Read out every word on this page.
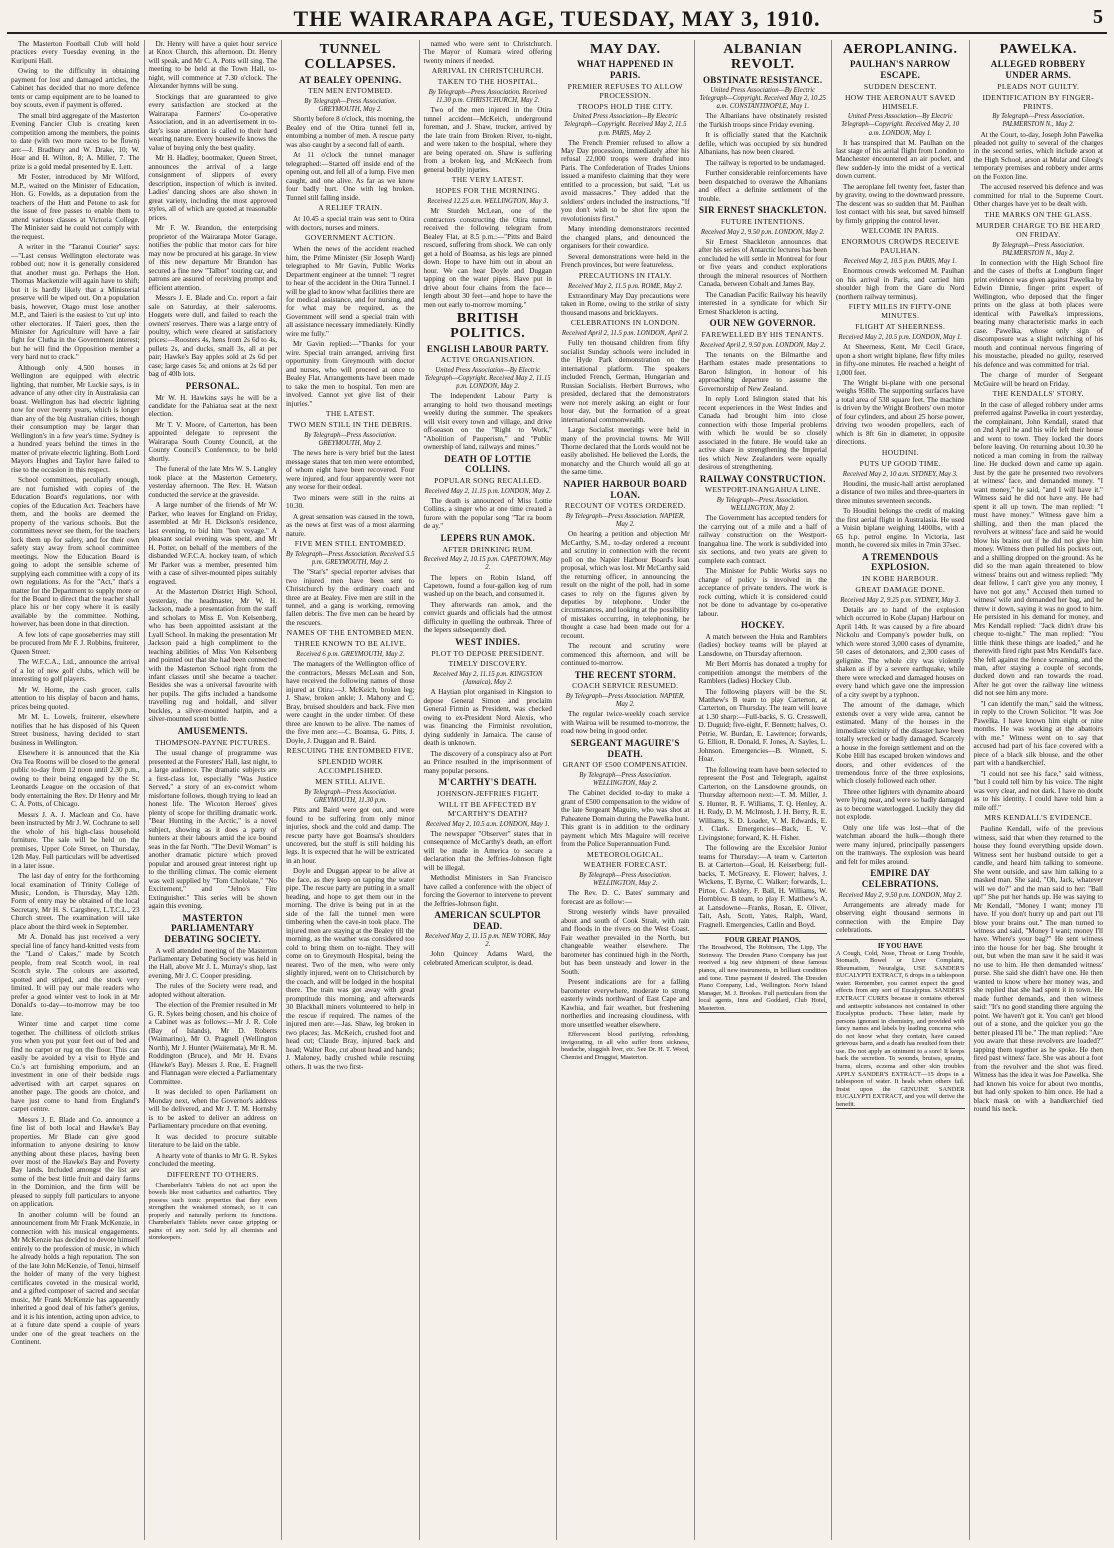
THE WAIRARAPA AGE, TUESDAY, MAY 3, 1910.	5

The Masterton Football Club will hold practices every Tuesday evening in the Kuripuni Hall.

Owing to the difficulty in obtaining payment for lost and damaged articles, the Cabinet has decided that no more defence tents or camp equipment are to be loaned to boy scouts, even if payment is offered.

The small bird aggregate of the Masterton Evening Fancier Club is creating keen competition among the members, the points to date (with two more races to be flown) are:—J. Bradbury and W. Drake, 10; W. Hoar and H. Wilton, 8; A. Miller, 7. The prize is a gold medal presented by E. Lett.

Mr Foster, introduced by Mr Wilford, M.P., waited on the Minister of Education, Hon. G. Fowlds, as a deputation from the teachers of the Hutt and Petone to ask for the issue of free passes to enable them to attend various classes at Victoria College. The Minister said he could not comply with the request.

A writer in the "Taranui Courier" says:—"Last census Wellington electorate was robbed out; now it is generally considered that another must go. Perhaps the Hon. Thomas Mackenzie will again have to shift; but it is hardly likely that a Ministerial preserve will be wiped out. On a population basis, however, Otago must lose another M.P., and Taieri is the easiest to 'cut up' into other electorates. If Taieri goes, then the Minister for Agriculture will have a fair fight for Clutha in the Government interest; but he will find the Opposition member a very hard nut to crack."

Although only 4,500 houses in Wellington are equipped with electric lighting, that number, Mr Luckie says, is in advance of any other city in Australasia can boast. Wellington has had electric lighting now for over twenty years, which is longer than any of the big Australian cities, though their consumption may be larger than Wellington's in a few year's time. Sydney is a hundred years behind the times in the matter of private electric lighting. Both Lord Mayors Hughes and Taylor have failed to rise to the occasion in this respect.

School committees, peculiarly enough, are not furnished with copies of the Education Board's regulations, nor with copies of the Education Act. Teachers have them, and the books are deemed the property of the various schools. But the committees never see them, for the teachers lock them up for safety, and for their own safety stay away from school committee meetings. Now the Education Board is going to adopt the sensible scheme of supplying each committee with a copy of its own regulations. As for the "Act," that's a matter for the Department to supply more or for the Board to direct that the teacher shall place his or her copy where it is easily available by the committee. Nothing, however, has been done in that direction.

A few lots of cape gooseberries may still be procured from Mr F. J. Robbins, fruiterer, Queen Street.

The W.F.C.A., Ltd., announce the arrival of a lot of new golf clubs, which will be interesting to golf players.

Mr W. Horne, the cash grocer, calls attention to his display of bacon and hams, prices being quoted.

Mr M. L. Lowels, fruiterer, elsewhere notifies that he has disposed of his Queen Street business, having decided to start business in Wellington.

Elsewhere it is announced that the Kia Ora Tea Rooms will be closed to the general public to-day from 12 noon until 2.30 p.m., owing to their being engaged by the St. Leonards League on the occasion of that body entertaining the Rev. Dr Henry and Mr C. A. Potts, of Chicago.

Messrs J. A. J. Maclean and Co. have been instructed by Mr J. W. Cochrane to sell the whole of his high-class household furniture. The sale will be held on the premises, Upper Cole Street, on Thursday, 12th May. Full particulars will be advertised in a later issue.

The last day of entry for the forthcoming local examination of Trinity College of Music, London, is Thursday, May 12th. Form of entry may be obtained of the local Secretary, Mr H. S. Cargsbrey, L.T.C.L., 23 Church street. The examination will take place about the third week in September.

Mr A. Donald has just received a very special line of fancy hand-knitted vests from the "Land o' Cakes," made by Scotch people, from real Scotch wool, in real Scotch style. The colours are assorted, spotted and striped, and the stock very limited. It will pay our male readers who prefer a good winter vest to look in at Mr Donald's to-day—to-morrow may be too late.

Winter time and carpet time come together. The chilliness of oilcloth strikes you when you put your feet out of bed and find no carpet or rug on the floor. This can easily be avoided by a visit to Hyde and Co.'s art furnishing emporium, and an investment in one of their bedside rugs advertised with art carpet squares on another page. The goods are choice, and have just come to hand from England's carpet centre.

Messrs J. E. Blade and Co. announce a fine list of both local and Hawke's Bay properties. Mr Blade can give good information to anyone desiring to know anything about these places, having been over most of the Hawke's Bay and Poverty Bay lands. Included amongst the list are some of the best little fruit and dairy farms in the Dominion, and the firm will be pleased to supply full particulars to anyone on application.

In another column will be found an announcement from Mr Frank McKenzie, in connection with his musical engagements. Mr McKenzie has decided to devote himself entirely to the profession of music, in which he already holds a high reputation. The son of the late John McKenzie, of Tenui, himself the holder of many of the very highest certificates coveted in the musical world, and a gifted composer of sacred and secular music, Mr Frank McKenzie has apparently inherited a good deal of his father's genius, and it is his intention, acting upon advice, to at a future date spend a couple of years under one of the great teachers on the Continent.

Dr. Henry will have a quiet hour service at Knox Church, this afternoon. Dr. Henry will speak, and Mr C. A. Potts will sing. The meeting to be held at the Town Hall, to-night, will commence at 7.30 o'clock. The Alexander hymns will be sung.

Stockings that are guaranteed to give every satisfaction are stocked at the Wairarapa Farmers' Co-operative Association, and in an advertisement in to-day's issue attention is called to their hard wearing nature. Every housewife knows the value of buying only the best quality.

Mr H. Hadley, bootmaker, Queen Street, announces the arrival of a large consignment of slippers of every description, inspection of which is invited. Ladies' dancing shoes are also shown in great variety, including the most approved styles, all of which are quoted at reasonable prices.

Mr F. W. Brandon, the enterprising proprietor of the Wairarapa Motor Garage, notifies the public that motor cars for hire may now be procured at his garage. In view of this new departure Mr Brandon has secured a fine new "Talbot" touring car, and patrons are assured of receiving prompt and efficient attention.

Messrs J. E. Blade and Co. report a fair sale on Saturday, at their salerooms. Hoggets were dull, and failed to reach the owners' reserves. There was a large entry of poultry, which were cleared at satisfactory prices:—Roosters 4s, hens from 2s 6d to 4s, pullets 2s, and ducks, small 3s, all at per pair; Hawke's Bay apples sold at 2s 6d per case; large cases 5s; and onions at 2s 6d per bag of 40lb lots.

PERSONAL.

Mr W. H. Hawkins says he will be a candidate for the Pahiatua seat at the next election.

Mr T. V. Moore, of Carterton, has been appointed delegate to represent the Wairarapa South County Council, at the County Council's Conference, to be held shortly.

The funeral of the late Mrs W. S. Langley took place at the Masterton Cemetery, yesterday afternoon. The Rev. H. Watson conducted the service at the graveside.

A large number of the friends of Mr W. Parker, who leaves for England on Friday, assembled at Mr H. Dickson's residence, last evening, to bid him "bon voyage." A pleasant social evening was spent, and Mr H. Potter, on behalf of the members of the disbanded W.F.C.A. hockey team, of which Mr Parker was a member, presented him with a case of silver-mounted pipes suitably engraved.

At the Masterton District High School, yesterday, the headmaster, Mr W. H. Jackson, made a presentation from the staff and scholars to Miss E. Von Kelsenberg, who has been appointed assistant at the Lyall School. In making the presentation Mr Jackson paid a high compliment to the teaching abilities of Miss Von Kelsenberg and pointed out that she had been connected with the Masterton School right from the infant classes until she became a teacher. Besides she was a universal favourite with her pupils. The gifts included a handsome travelling rug and holdall, and silver buckles, a silver-mounted hatpin, and a silver-mounted scent bottle.

AMUSEMENTS.
THOMPSON-PAYNE PICTURES.

The usual change of programme was presented at the Foresters' Hall, last night, to a large audience. The dramatic subjects are a first-class lot, especially "Was Justice Served," a story of an ex-convict whom misfortune follows, though trying to lead an honest life. The Wicoton Heroes' gives plenty of scope for thrilling dramatic work. "Bear Hunting in the Arctic," is a novel subject, showing as it does a party of hunters at their labours amid the ice bound seas in the far North. "The Devil Woman" is another dramatic picture which proved popular and aroused great interest right up to the thrilling climax. The comic element was well supplied by "Tom Chololate," "No Excitement," and "Jelno's Fire Extinguisher." This series will be shown again this evening.

MASTERTON PARLIAMENTARY DEBATING SOCIETY.

A well attended meeting of the Masterton Parliamentary Debating Society was held in the Hall, above Mr J. L. Murray's shop, last evening, Mr J. C. Cooper presiding.

The rules of the Society were read, and adopted without alteration.

The election of the Premier resulted in Mr G. R. Sykes being chosen, and his choice of a Cabinet was as follows:—Mr J. R. Cole (Bay of Islands), Mr D. Roberts (Waimarino), Mr O. Pragnell (Wellington North), Mr J. Hunter (Waitemata), Mr R. M. Roddington (Bruce), and Mr H. Evans (Hawke's Bay). Messrs J. Rue, E. Fragnell and Flannagan were elected a Parliamentary Committee.

It was decided to open Parliament on Monday next, when the Governor's address will be delivered, and Mr J. T. M. Hornsby is to be asked to deliver an address on Parliamentary procedure on that evening.

It was decided to procure suitable literature to be laid on the table.

A hearty vote of thanks to Mr G. R. Sykes concluded the meeting.

DIFFERENT TO OTHERS.

Chamberlain's Tablets do not act upon the bowels like most cathartics and cathartics. They possess such tonic properties that they even strengthen the weakened stomach, so it can properly and naturally perform its functions. Chamberlain's Tablets never cause gripping or pains of any sort. Sold by all chemists and storekeepers.

TUNNEL COLLAPSES.
AT BEALEY OPENING.
TEN MEN ENTOMBED.
By Telegraph—Press Association. GREYMOUTH, May 2.

Shortly before 8 o'clock, this morning, the Bealey end of the Otira tunnel fell in, entombing a number of men. A rescue party was also caught by a second fall of earth.

At 11 o'clock the tunnel manager telegraphed:—Started off inside end of the opening out, and fell all of a lump. Five men caught, and one alive. As far as we know four badly hurt. One with leg broken. Tunnel still falling inside.

A RELIEF TRAIN.

At 10.45 a special train was sent to Otira with doctors, nurses and miners.

GOVERNMENT ACTION.

When the news of the accident reached him, the Prime Minister (Sir Joseph Ward) telegraphed to Mr Gavin, Public Works Department engineer at the tunnel: "I regret to hear of the accident in the Otira Tunnel. I will be glad to know what facilities there are for medical assistance, and for nursing, and for what may be required, as the Government will send a special train with all assistance necessary immediately. Kindly wire me fully."

Mr Gavin replied:—"Thanks for your wire. Special train arranged, arriving first opportunity from Greymouth with doctor and nurses, who will proceed at once to Bealey Flat. Arrangements have been made to take the men to hospital. Ten men are involved. Cannot yet give list of their injuries."

THE LATEST.
TWO MEN STILL IN THE DEBRIS.
By Telegraph—Press Association. GREYMOUTH, May 2.

The news here is very brief but the latest message states that ten men were entombed, of whom eight have been recovered. Four were injured, and four apparently were not any worse for their ordeal.

Two miners were still in the ruins at 10.30.

A great sensation was caused in the town, as the news at first was of a most alarming nature.

FIVE MEN STILL ENTOMBED.
By Telegraph—Press Association. Received 5.5 p.m. GREYMOUTH, May 2.

The "Star's" special reporter advises that two injured men have been sent to Christchurch by the ordinary coach and three are at Bealey. Five men are still in the tunnel, and a gang is working, removing fallen debris. The five men can be heard by the rescuers.

NAMES OF THE ENTOMBED MEN.
THREE KNOWN TO BE ALIVE.
Received 6 p.m. GREYMOUTH, May 2.

The managers of the Wellington office of the contractors, Messrs McLean and Son, have received the following names of those injured at Otira:—J. McKeich, broken leg; J. Shaw, broken ankle; J. Mahony and C. Bray, bruised shoulders and back. Five men were caught in the under timber. Of these three are known to be alive. The names of the five men are:—C. Boamsa, G. Pitts, J. Doyle, J. Duggan and R. Baird.

RESCUING THE ENTOMBED FIVE.
SPLENDID WORK ACCOMPLISHED.
MEN STILL ALIVE.
By Telegraph—Press Association. GREYMOUTH, 11.30 p.m.

Pitts and Baird were got out, and were found to be suffering from only minor injuries, shock and the cold and damp. The rescue party have got Boamsa's shoulders uncovered, but the stuff is still holding his legs. It is expected that he will be extricated in an hour.

Doyle and Duggan appear to be alive at the face, as they keep on tapping the water pipe. The rescue party are putting in a small heading, and hope to get them out in the morning. The drive is being put in at the side of the fall the tunnel men were timbering when the cave-in took place. The injured men are staying at the Bealey till the morning, as the weather was considered too cold to bring them on to-night. They will come on to Greymouth Hospital, being the nearest. Two of the men, who were only slightly injured, went on to Christchurch by the coach, and will be lodged in the hospital there. The train was got away with great promptitude this morning, and afterwards 30 Blackball miners volunteered to help in the rescue if required. The names of the injured men are:—Jas. Shaw, leg broken in two places; Jas. McKeich, crushed foot and head cut; Claude Bray, injured back and head; Walter Roe, cut about head and hands; J. Maloney, badly crushed while rescuing others. It was the two first-

named who were sent to Christchurch. The Mayor of Kumara wired offering twenty miners if needed.

ARRIVAL IN CHRISTCHURCH.
TAKEN TO THE HOSPITAL.
By Telegraph—Press Association. Received 11.30 p.m. CHRISTCHURCH, May 2.

Two of the men injured in the Otira tunnel accident—McKeich, underground foreman, and J. Shaw, trucker, arrived by the late train from Broken River, to-night, and were taken to the hospital, where they are being operated on. Shaw is suffering from a broken leg, and McKeech from general bodily injuries.

THE VERY LATEST.
HOPES FOR THE MORNING.
Received 12.25 a.m. WELLINGTON, May 3.

Mr Sturdeh McLean, one of the contractors constructing the Otira tunnel, received the following telegram from Bealey Flat, at 8.5 p.m.:—"Pitts and Baird rescued, suffering from shock. We can only get a hold of Boamsa, as his legs are pinned down. Hope to have him out in about an hour. We can hear Doyle and Duggan tapping on the water pipes. Have put in drive about four chains from the face—length about 30 feet—and hope to have the men out early to-morrow morning."

BRITISH POLITICS.
ENGLISH LABOUR PARTY.
ACTIVE ORGANISATION.
United Press Association—By Electric Telegraph—Copyright. Received May 2, 11.15 p.m. LONDON, May 2.

The Independent Labour Party is arranging to hold two thousand meetings weekly during the summer. The speakers will visit every town and village, and drive off-season on the "Right to Work," "Abolition of Pauperism," and "Public ownership of land, railways and mines."

DEATH OF LOTTIE COLLINS.
POPULAR SONG RECALLED.
Received May 2, 11.15 p.m. LONDON, May 2.

The death is announced of Miss Lottie Collins, a singer who at one time created a furore with the popular song "Tar ra boom de ay."

LEPERS RUN AMOK.
AFTER DRINKING RUM.
Received May 2, 10.15 p.m. CAPETOWN, May 2.

The lepers on Robin Island, off Capetown, found a four-gallon keg of rum washed up on the beach, and consumed it.

They afterwards ran amok, and the convict guards and officials had the utmost difficulty in quelling the outbreak. Three of the lepers subsequently died.

WEST INDIES.
PLOT TO DEPOSE PRESIDENT.
TIMELY DISCOVERY.
Received May 2, 11.15 p.m. KINGSTON (Jamaica), May 2.

A Haytian plot organised in Kingston to depose General Simon and proclaim General Firmin as President, was checked owing to ex-President Nord Alexis, who was financing the Firminist revolution, dying suddenly in Jamaica. The cause of death is unknown.

The discovery of a conspiracy also at Port au Prince resulted in the imprisonment of many popular persons.

M'CARTHY'S DEATH.
JOHNSON-JEFFRIES FIGHT.
WILL IT BE AFFECTED BY M'CARTHY'S DEATH?
Received May 2, 10.5 a.m. LONDON, May 1.

The newspaper "Observer" states that in consequence of McCarthy's death, an effort will be made in America to secure a declaration that the Jeffries-Johnson fight will be illegal.

Methodist Ministers in San Francisco have called a conference with the object of forcing the Governor to intervene to prevent the Jeffries-Johnson fight.

AMERICAN SCULPTOR DEAD.
Received May 2, 11.15 p.m. NEW YORK, May 2.

John Quincey Adams Ward, the celebrated American sculptor, is dead.

MAY DAY.
WHAT HAPPENED IN PARIS.
PREMIER REFUSES TO ALLOW PROCESSION.
TROOPS HOLD THE CITY.
United Press Association—By Electric Telegraph—Copyright. Received May 2, 11.5 p.m. PARIS, May 2.

The French Premier refused to allow a May Day procession, immediately after his refusal 22,000 troops were drafted into Paris. The Confederation of Trades Unions issued a manifesto claiming that they were entitled to a procession, but said, "Let us avoid massacres." They added that the soldiers' orders included the instructions, "If you don't wish to be shot fire upon the revolutionists first."

Many intending demonstrators recented the changed plans, and denounced the organisers for their cowardice.

Several demonstrations were held in the French provinces, but were featureless.

PRECAUTIONS IN ITALY.
Received May 2, 11.5 p.m. ROME, May 2.

Extraordinary May Day precautions were taken in Rome, owing to the strike of sixty thousand masons and bricklayers.

CELEBRATIONS IN LONDON.
Received April 2, 11.5 p.m. LONDON, April 2.

Fully ten thousand children from fifty socialist Sunday schools were included in the Hyde Park demonstration on the international platform. The speakers included French, German, Hungarian and Russian Socialists. Herbert Burrows, who presided, declared that the demonstrators were not merely asking an eight or four hour day, but the formation of a great international commonwealth.

Large Socialist meetings were held in many of the provincial towns. Mr Will Thorne declared that the Lords would not be easily abolished. He believed the Lords, the monarchy and the Church would all go at the same time.

NAPIER HARBOUR BOARD LOAN.
RECOUNT OF VOTES ORDERED.
By Telegraph—Press Association. NAPIER, May 2.

On hearing a petition and objection Mr McCarthy, S.M., to-day ordered a recount and scrutiny in connection with the recent poll on the Napier Harbour Board's loan proposal, which was lost. Mr McCarthy said the returning officer, in announcing the result on the night of the poll, had in some cases to rely on the figures given by deputies by telephone. Under the circumstances, and looking at the possibility of mistakes occurring, in telephoning, he thought a case had been made out for a recount.

The recount and scrutiny were commenced this afternoon, and will be continued to-morrow.

THE RECENT STORM.
COACH SERVICE RESUMED.
By Telegraph—Press Association. NAPIER, May 2.

The regular twice-weekly coach service with Wairoa will be resumed to-morrow, the road now being in good order.

SERGEANT MAGUIRE'S DEATH.
GRANT OF £500 COMPENSATION.
By Telegraph—Press Association. WELLINGTON, May 2.

The Cabinet decided to-day to make a grant of £500 compensation to the widow of the late Sergeant Maguire, who was shot at Paheatene Domain during the Pawelka hunt. This grant is in addition to the ordinary payment which Mrs Maguire will receive from the Police Superannuation Fund.

METEOROLOGICAL.
WEATHER FORECAST.
By Telegraph—Press Association. WELLINGTON, May 2.

The Rev. D. C. Bates' summary and forecast are as follow:—

Strong westerly winds have prevailed about and south of Cook Strait, with rain and floods in the rivers on the West Coast. Fair weather prevailed in the North, but changeable weather elsewhere. The barometer has continued high in the North, but has been unsteady and lower in the South.

Present indications are for a falling barometer everywhere, moderate to strong easterly winds northward of East Cape and Kawhia, and fair weather, but freshening northerlies and increasing cloudiness, with more unsettled weather elsewhere.

Effervescent blood purifying, refreshing, invigorating, in all who suffer from sickness, headache, sluggish liver, etc. See Dr. H. T. Wood, Chemist and Druggist, Masterton.

ALBANIAN REVOLT.
OBSTINATE RESISTANCE.
United Press Association—By Electric Telegraph—Copyright. Received May 2, 10.25 a.m. CONSTANTINOPLE, May 1.

The Albanians have obstinately resisted the Turkish troops since Friday evening.

It is officially stated that the Katchnik defile, which was occupied by six hundred Albanians, has now been cleared.

The railway is reported to be undamaged.

Further considerable reinforcements have been despatched to overawe the Albanians and effect a definite settlement of the trouble.

SIR ERNEST SHACKLETON.
FUTURE INTENTIONS.
Received May 2, 9.50 p.m. LONDON, May 2.

Sir Ernest Shackleton announces that after his series of Antarctic lectures has been concluded he will settle in Montreal for four or five years and conduct explorations through the mineral resources of Northern Canada, between Cobalt and James Bay.

The Canadian Pacific Railway his heavily interested in a syndicate for which Sir Ernest Shackleton is acting.

OUR NEW GOVERNOR.
FAREWELLED BY HIS TENANTS.
Received April 2, 9.50 p.m. LONDON, May 2.

The tenants on the Bilmarthe and Hartham estates made presentations to Baron Islington, in honour of his approaching departure to assume the Governorship of New Zealand.

In reply Lord Islington stated that his recent experiences in the West Indies and Canada had brought him into close connection with those Imperial problems with which he would be so closely associated in the future. He would take an active share in strengthening the Imperial ties which New Zealanders were equally desirous of strengthening.

RAILWAY CONSTRUCTION.
WESTPORT-INANGAHUA LINE.
By Telegraph—Press Association. WELLINGTON, May 2.

The Government has accepted tenders for the carrying out of a mile and a half of railway construction on the Westport-Inangahua line. The work is subdivided into six sections, and two years are given to complete each contract.

The Minister for Public Works says no change of policy is involved in the acceptance of private tenders. The work is rock cutting, which it is considered could not be done to advantage by co-operative labour.

HOCKEY.

A match between the Huia and Ramblers (ladies) hockey teams will be played at Lansdowne, on Thursday afternoon.

Mr Bert Morris has donated a trophy for competition amongst the members of the Ramblers (ladies) Hockey Club.

The following players will be the St. Matthew's B team to play Carterton, at Carterton, on Thursday. The team will leave at 1.30 sharp:—Full-backs, S. G. Cresswell, D. Duguid; five-eight, F. Bennett; halves, O. Petrie, W. Burdan, E. Lawrence; forwards, G. Elliott, R. Donald, F. Jones, A. Sayles, L. Johnson. Emergencies—B. Winnett, S. Hoar.

The following team have been selected to represent the Post and Telegraph, against Carterton, on the Lansdowne grounds, on Thursday afternoon next:—T. M. Miller, J. S. Hunter, R. F. Williams, T. Q. Henley, A. H. Rudy, D. M. McIntosh, J. H. Berry, R. E. Williams, S. D. Loader, V. M. Edwards, E. J. Clark. Emergencies—Back, E. V. Livingstone; forward, K. H. Fisher.

The following are the Excelsior Junior teams for Thursday:—A team v. Carterton B. at Carterton—Goal, H. Keiserberg; full-backs, T. McGreavy, E. Flower; halves, J. Wickens, T. Byrne, C. Walker; forwards, L. Pirtoe, C. Ashley, F. Ball, H. Williams, W. Hornblow. B team, to play F. Matthew's A, at Lansdowne—Franks, Rosan, E. Oliver, Tait, Ash, Scott, Yates, Ralph, Ward, Fragnell. Emergencies, Catlin and Boyd.

FOUR GREAT PIANOS.
The Broadwood, The Robinson, The Lipp, The Steinway. The Dresden Piano Company has just received a big new shipment of these famous pianos, all new instruments, in brilliant condition and tone. Time payment if desired. The Dresden Piano Company, Ltd., Wellington. Nor'n Island Manager, M. J. Brookes. Full particulars from the local agents, Inns and Goddard, Club Hotel, Masterton.
AEROPLANING.
PAULHAN'S NARROW ESCAPE.
SUDDEN DESCENT.
HOW THE AERONAUT SAVED HIMSELF.
United Press Association—By Electric Telegraph—Copyright. Received May 2, 10 a.m. LONDON, May 1.

It has transpired that M. Paulhan on the last stage of his aerial flight from London to Manchester encountered an air pocket, and flew sudden-ly into the midst of a vertical down current.

The aeroplane fell twenty feet, faster than by gravity, owing to the downward pressure. The descent was so sudden that M. Paulhan lost contact with his seat, but saved himself by firmly gripping the control lever.

WELCOME IN PARIS.
ENORMOUS CROWDS RECEIVE PAULHAN.
Received May 2, 10.5 p.m. PARIS, May 1.

Enormous crowds welcomed M. Paulhan on his arrival in Paris, and carried him shoulder high from the Gare du Nord (northern railway terminus).

FIFTY MILES IN FIFTY-ONE MINUTES.
FLIGHT AT SHEERNESS.
Received May 2, 10.5 p.m. LONDON, May 1.

At Sheerness, Kent, Mr Cecil Grace, upon a short wright biplane, flew fifty miles in fifty-one minutes. He reached a height of 1,000 feet.

The Wright bi-plane with one personal weighs 958lb. The supporting surfaces have a total area of 538 square feet. The machine is driven by the Wright Brothers' own motor of four cylinders, and about 25 horse power, driving two wooden propellers, each of which is 8ft 6in in diameter, in opposite directions.

HOUDINI.
PUTS UP GOOD TIME.
Received May 2, 10 a.m. SYDNEY, May 3.

Houdini, the music-hall artist aeroplaned a distance of two miles and three-quarters in three minutes seventeen seconds.

To Houdini belongs the credit of making the first aerial flight in Australasia. He used a Voisin biplane weighing 1400lbs, with a 65 h.p. petrol engine. In Victoria, last month, he covered six miles in 7min 37sec.

A TREMENDOUS EXPLOSION.
IN KOBE HARBOUR.
GREAT DAMAGE DONE.
Received May 2, 9.25 p.m. SYDNEY, May 3.

Details are to hand of the explosion which occurred in Kobe (Japan) Harbour on April 14th. It was caused by a fire aboard Nickolu and Company's powder hulk, on which were stored 3,000 cases of dynamite, 50 cases of detonators, and 2,300 cases of gelignite. The whole city was violently shaken as if by a severe earthquake, while there were wrecked and damaged houses on every hand which gave one the impression of a city swept by a typhoon.

The amount of the damage, which extends over a very wide area, cannot be estimated. Many of the houses in the immediate vicinity of the disaster have been totally wrecked or badly damaged. Scarcely a house in the foreign settlement and on the Kobe Hill has escaped broken windows and doors, and other evidences of the tremendous force of the three explosions, which closely followed each other.

Three other lighters with dynamite aboard were lying near, and were so badly damaged as to become waterlogged. Luckily they did not explode.

Only one life was lost—that of the watchman aboard the hulk—though there were many injured, principally passengers on the tramways. The explosion was heard and felt for miles around.

EMPIRE DAY CELEBRATIONS.
Received May 2, 9.50 p.m. LONDON, May 2.

Arrangements are already made for observing eight thousand sermons in connection with the Empire Day celebrations.

IF YOU HAVE
A Cough, Cold, Nose, Throat or Lung Trouble, Stomach, Bowel or Liver Complaint, Rheumatism, Neuralgia, USE SANDER'S EUCALYPTI EXTRACT, 6 drops in a tablespoon water. Remember, you cannot expect the good effects from any sort of Eucalyptus. SANDER'S EXTRACT CURES because it contains ethereal and antiseptic substances not contained in other Eucalyptus products. These latter, made by persons ignorant in chemistry, and provided with fancy names and labels by leading concerns who do not know what they contain, have caused grievous harm, and a death has resulted from their use. Do not apply an ointment to a sore! It keeps back the secretion. To wounds, bruises, sprains, burns, ulcers, eczema and other skin troubles APPLY SANDER'S EXTRACT—15 drops in a tablespoon of water. It heals when others fail. Insist upon the GENUINE SANDER EUCALYPTI EXTRACT, and you will derive the benefit.
PAWELKA.
ALLEGED ROBBERY UNDER ARMS.
PLEADS NOT GUILTY.
IDENTIFICATION BY FINGER-PRINTS.
By Telegraph—Press Association. PALMERSTON N., May 2.

At the Court, to-day, Joseph John Pawelka pleaded not guilty to several of the charges in the second series, which include arson at the High School, arson at Mular and Gleeg's temporary premises and robbery under arms on the Foxton line.

The accused reserved his defence and was committed for trial to the Supreme Court. Other charges have yet to be dealt with.

THE MARKS ON THE GLASS.
MURDER CHARGE TO BE HEARD ON FRIDAY.
By Telegraph—Press Association. PALMERSTON N., May 2.

In connection with the High School fire and the cases of thefts at Longburn finger print evidence was given against Pawelka by Edwin Dinnie, finger print expert of Wellington, who deposed that the finger prints on the glass at both places were identical with Pawelka's impressions, bearing many characteristic marks in each case. Pawelka, whose only sign of discomposure was a slight twitching of his mouth and continual nervous fingering of his moustache, pleaded no guilty, reserved his defence and was committed for trial.

The charge of murder of Sergeant McGuire will be heard on Friday.

THE KENDALLS' STORY.

In the case of alleged robbery under arms preferred against Pawelka in court yesterday, the complainant, John Kendall, stated that on 2nd April he and his wife left their house and went to town. They locked the doors before leaving. On returning about 10.30 he noticed a man coming in from the railway line. He ducked down and came up again. Just by the gate he presented two revolvers at witness' face, and demanded money. "I want money," he said, "and I will have it." Witness said he did not have any. He had spent it all up town. The man replied: "I must have money." Witness gave him a shilling, and then the man placed the revolvers at witness' face and said he would blow his brains out if he did not give him money. Witness then pulled his pockets out, and a shilling dropped on the ground. As he did so the man again threatened to blow witness' brains out and witness replied: "My dear fellow, I can't give you any money, I have not got any." Accused then turned to witness' wife and demanded her bag, and he threw it down, saying it was no good to him. He persisted in his demand for money, and Mrs Kendall replied: "Jack didn't draw his cheque to-night." The man replied: "You little think these things are loaded," and he therewith fired right past Mrs Kendall's face. She fell against the fence screaming, and the man, after staying a couple of seconds, ducked down and ran towards the road. After he got over the railway line witness did not see him any more.

"I can identify the man," said the witness, in reply to the Crown Solicitor. "It was Joe Pawelka. I have known him eight or nine months. He was working at the abattoirs with me." Witness went on to say that accused had part of his face covered with a piece of a black silk blouse, and the other part with a handkerchief.

"I could not see his face," said witness, "but I could tell him by his voice. The night was very clear, and not dark. I have no doubt as to his identity. I could have told him a mile off."

MRS KENDALL'S EVIDENCE.

Pauline Kendall, wife of the previous witness, said that when they returned to the house they found everything upside down. Witness sent her husband outside to get a candle, and heard him talking to someone. She went outside, and saw him talking to a masked man. She said, "Oh, Jack, whatever will we do?" and the man said to her: "Ball up!" She put her hands up. He was saying to Mr Kendall, "Money I want; money I'll have. If you don't hurry up and part out I'll blow your brains out." The man turned to witness and said, "Money I want; money I'll have. Where's your bag?" He sent witness into the house for her bag. She brought it out, but when the man saw it he said it was no use to him. He then demanded witness' purse. She said she didn't have one. He then wanted to know where her money was, and she replied that she had spent it in town. He made further demands, and then witness said: "It's no good standing there arguing the point. We haven't got it. You can't get blood out of a stone, and the quicker you go the better pleased I'll be." The man replied: "Are you aware that these revolvers are loaded?" tapping them together as he spoke. He then fired past witness' face. She was about a foot from the revolver and the shot was fired. Witness has the idea it was Joe Pawelka. She had known his voice for about two months, but had only spoken to him once. He had a black mask on with a handkerchief tied round his neck.
